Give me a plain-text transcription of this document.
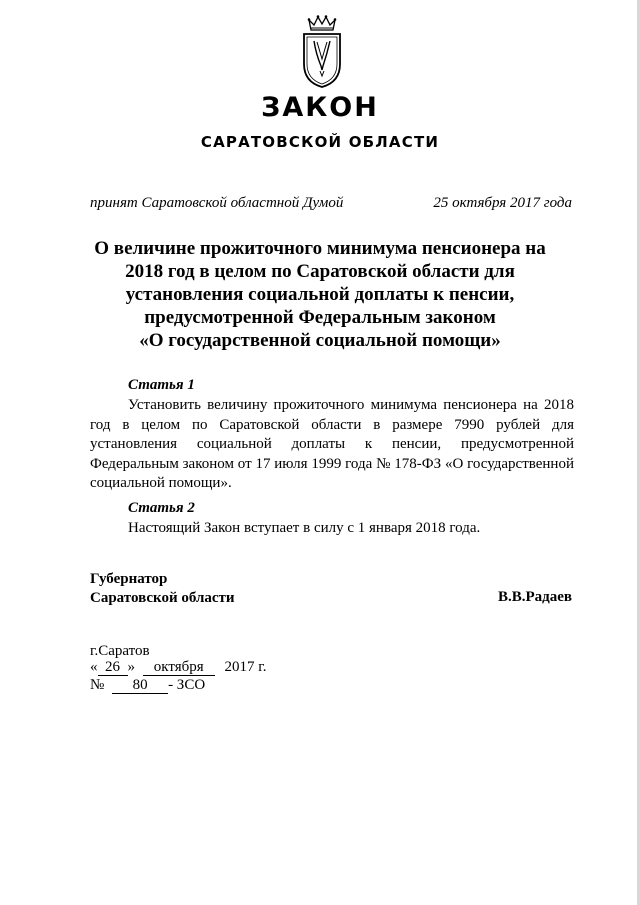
ЗАКОН
САРАТОВСКОЙ ОБЛАСТИ
принят Саратовской областной Думой	25 октября 2017 года
О величине прожиточного минимума пенсионера на
2018 год в целом по Саратовской области для
установления социальной доплаты к пенсии,
предусмотренной Федеральным законом
«О государственной социальной помощи»
Статья 1
Установить величину прожиточного минимума пенсионера на 2018 год в целом по Саратовской области в размере 7990 рублей для установления социальной доплаты к пенсии, предусмотренной Федеральным законом от 17 июля 1999 года № 178-ФЗ «О государственной социальной помощи».
Статья 2
Настоящий Закон вступает в силу с 1 января 2018 года.
Губернатор
Саратовской области	В.В.Радаев
г.Саратов
« 26 » октября 2017 г.
№ 80 - ЗСО
